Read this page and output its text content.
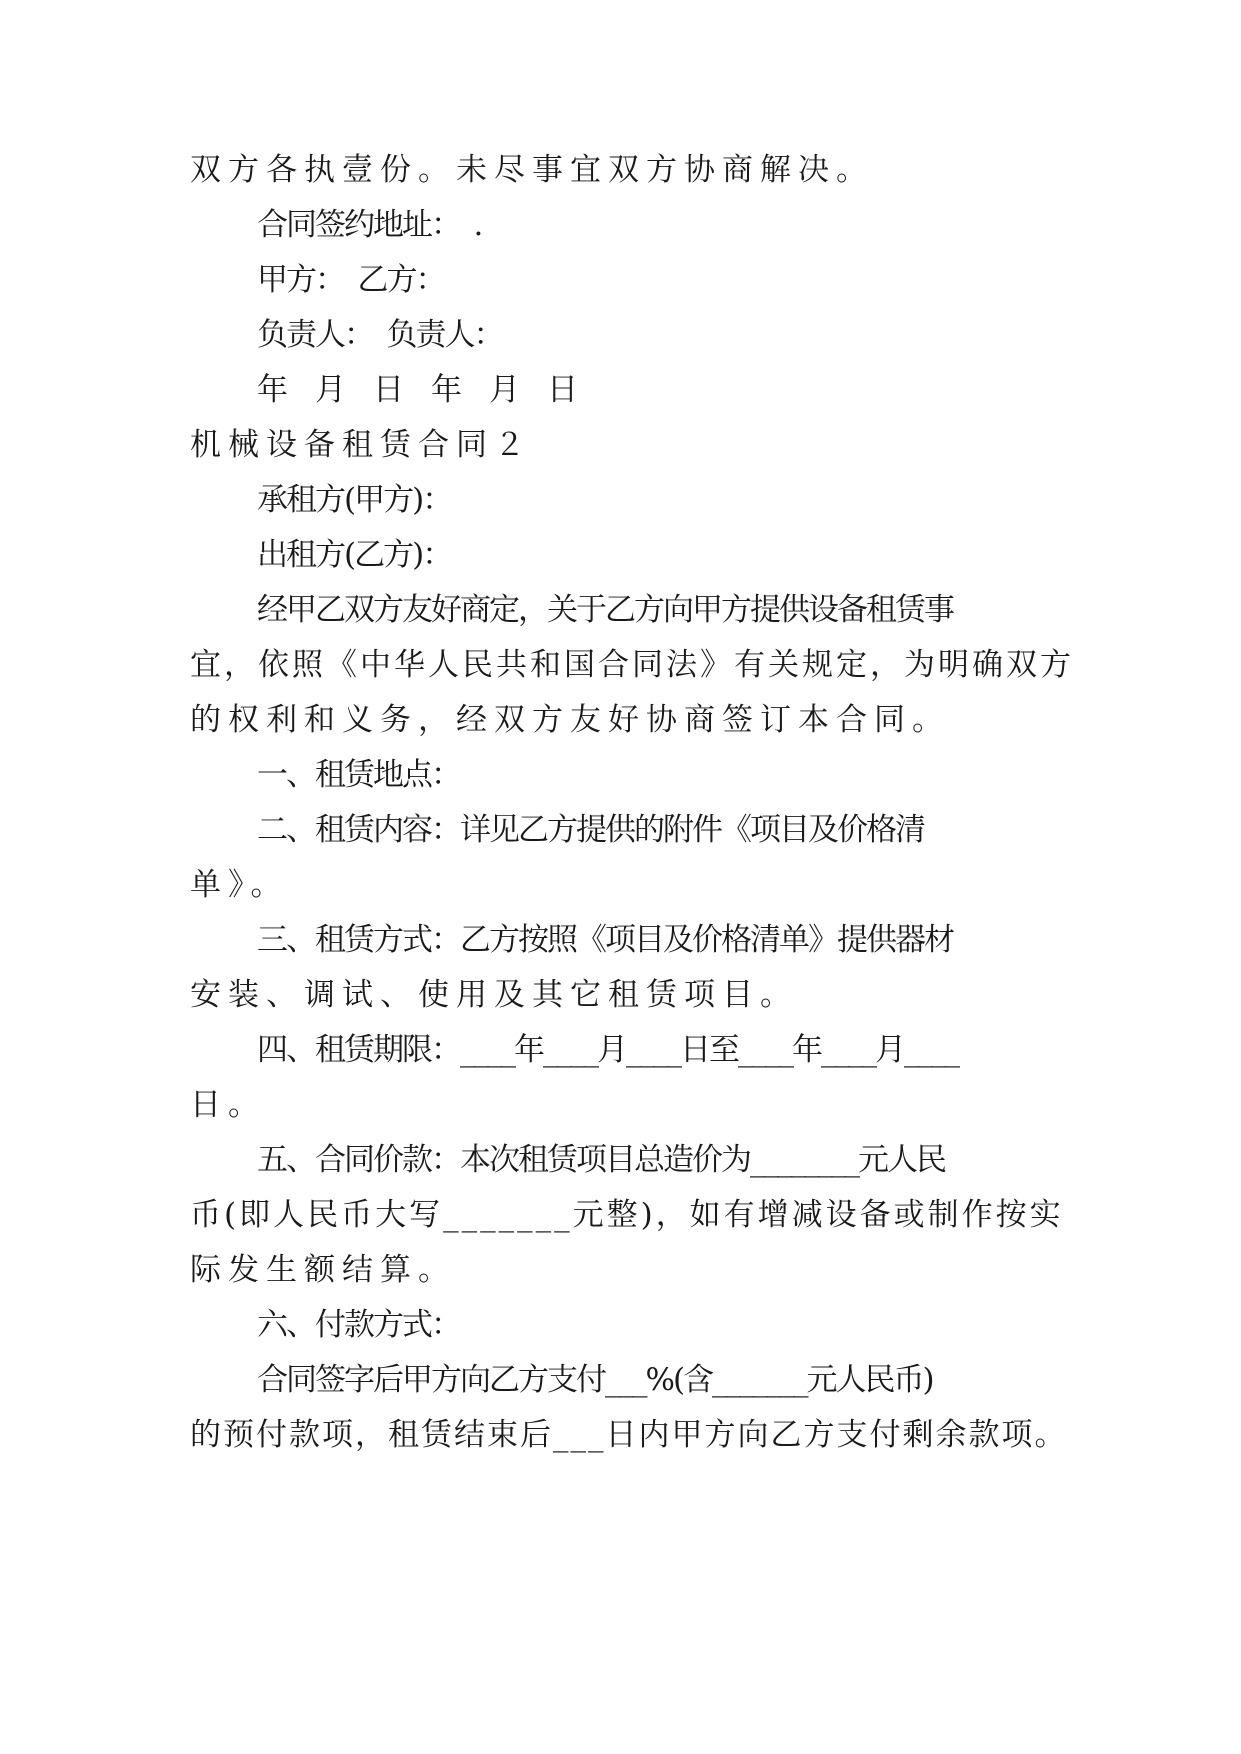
双方各执壹份。未尽事宜双方协商解决。
合同签约地址：　.
甲方：　乙方：
负责人：　负责人：
年　月　日　年　月　日
机械设备租赁合同２
承租方(甲方)：
出租方(乙方)：
经甲乙双方友好商定，关于乙方向甲方提供设备租赁事
宜，依照《中华人民共和国合同法》有关规定，为明确双方
的权利和义务，经双方友好协商签订本合同。
一、租赁地点：
二、租赁内容：详见乙方提供的附件《项目及价格清
单》。
三、租赁方式：乙方按照《项目及价格清单》提供器材
安装、调试、使用及其它租赁项目。
四、租赁期限：____年____月____日至____年____月____
日。
五、合同价款：本次租赁项目总造价为________元人民
币(即人民币大写_______元整)，如有增减设备或制作按实
际发生额结算。
六、付款方式：
合同签字后甲方向乙方支付___%(含_______元人民币)
的预付款项，租赁结束后___日内甲方向乙方支付剩余款项。
